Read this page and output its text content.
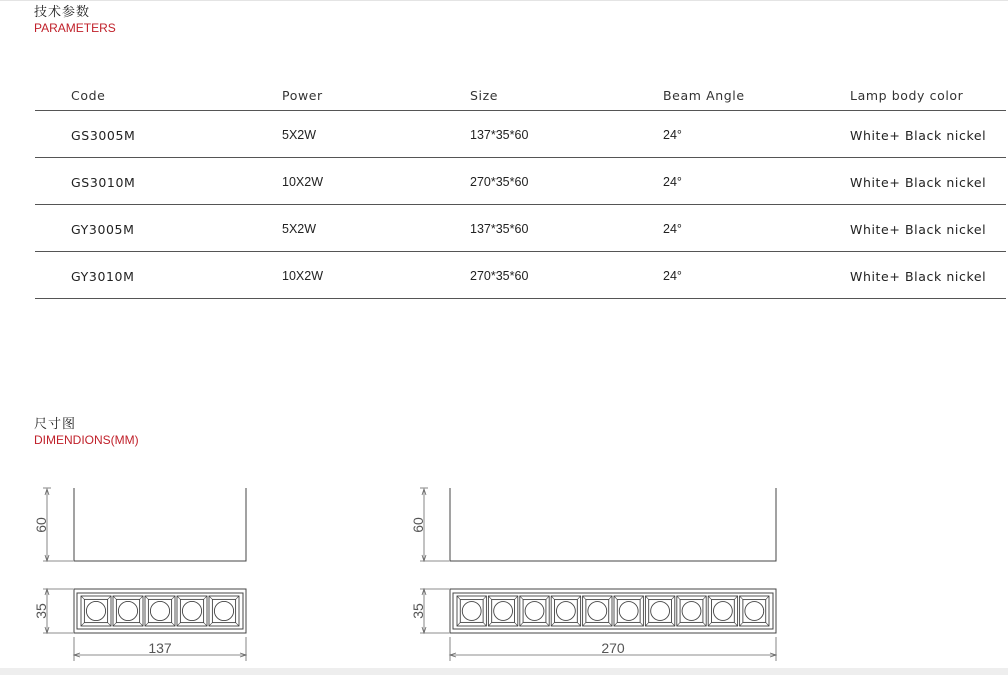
技术参数
PARAMETERS
Code	Power	Size	Beam Angle	Lamp body color
GS3005M	5X2W	137*35*60	24°	White+ Black nickel
GS3010M	10X2W	270*35*60	24°	White+ Black nickel
GY3005M	5X2W	137*35*60	24°	White+ Black nickel
GY3010M	10X2W	270*35*60	24°	White+ Black nickel
尺寸图
DIMENDIONS(MM)
60
35
137
60
35
270
